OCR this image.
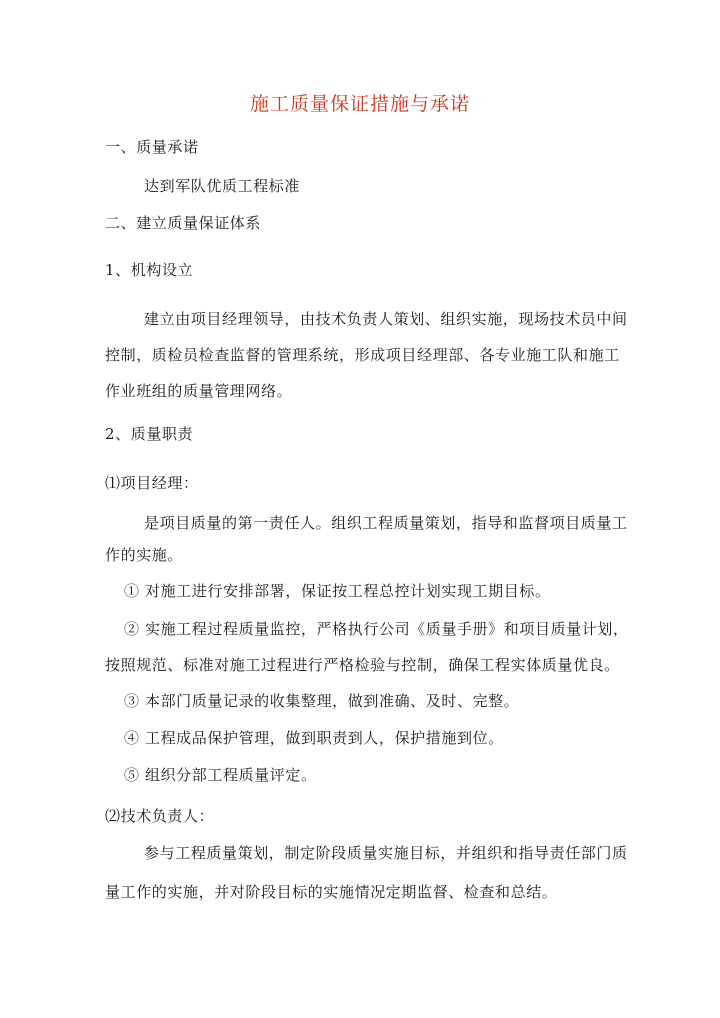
施工质量保证措施与承诺
一、质量承诺
达到军队优质工程标准
二、建立质量保证体系
1、机构设立
建立由项目经理领导，由技术负责人策划、组织实施，现场技术员中间
控制，质检员检查监督的管理系统，形成项目经理部、各专业施工队和施工
作业班组的质量管理网络。
2、质量职责
⑴项目经理：
是项目质量的第一责任人。组织工程质量策划，指导和监督项目质量工
作的实施。
① 对施工进行安排部署，保证按工程总控计划实现工期目标。
② 实施工程过程质量监控，严格执行公司《质量手册》和项目质量计划，
按照规范、标准对施工过程进行严格检验与控制，确保工程实体质量优良。
③ 本部门质量记录的收集整理，做到准确、及时、完整。
④ 工程成品保护管理，做到职责到人，保护措施到位。
⑤ 组织分部工程质量评定。
⑵技术负责人：
参与工程质量策划，制定阶段质量实施目标，并组织和指导责任部门质
量工作的实施，并对阶段目标的实施情况定期监督、检查和总结。
